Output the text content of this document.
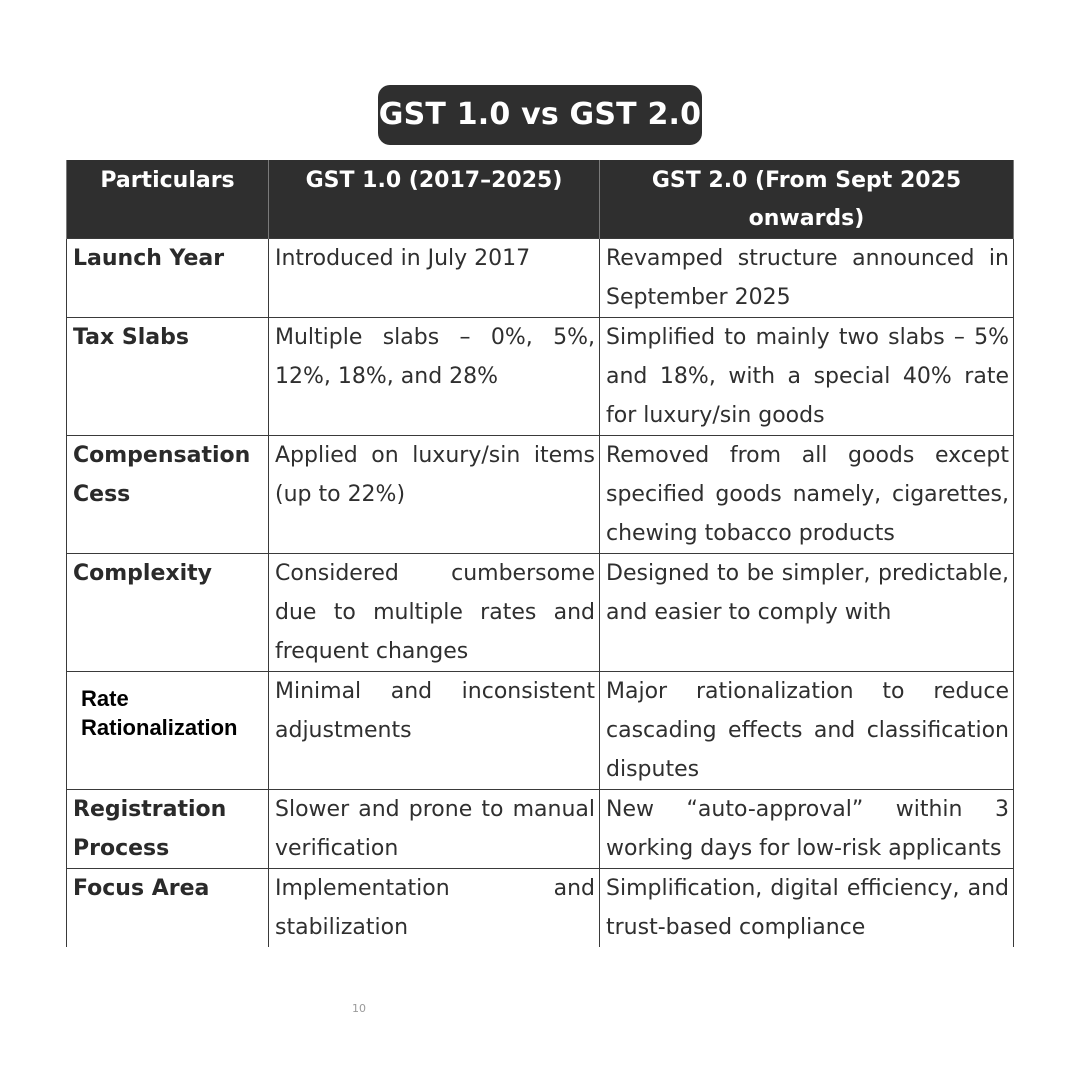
GST 1.0 vs GST 2.0
Particulars	GST 1.0 (2017–2025)	GST 2.0 (From Sept 2025 onwards)
Launch Year	Introduced in July 2017	Revamped structure announced in September 2025
Tax Slabs	Multiple slabs – 0%, 5%, 12%, 18%, and 28%	Simplified to mainly two slabs – 5% and 18%, with a special 40% rate for luxury/sin goods
Compensation Cess	Applied on luxury/sin items (up to 22%)	Removed from all goods except specified goods namely, cigarettes, chewing tobacco products
Complexity	Considered cumbersome due to multiple rates and frequent changes	Designed to be simpler, predictable, and easier to comply with
Rate Rationalization	Minimal and inconsistent adjustments	Major rationalization to reduce cascading effects and classification disputes
Registration Process	Slower and prone to manual verification	New “auto-approval” within 3 working days for low-risk applicants
Focus Area	Implementation and stabilization	Simplification, digital efficiency, and trust-based compliance
10
